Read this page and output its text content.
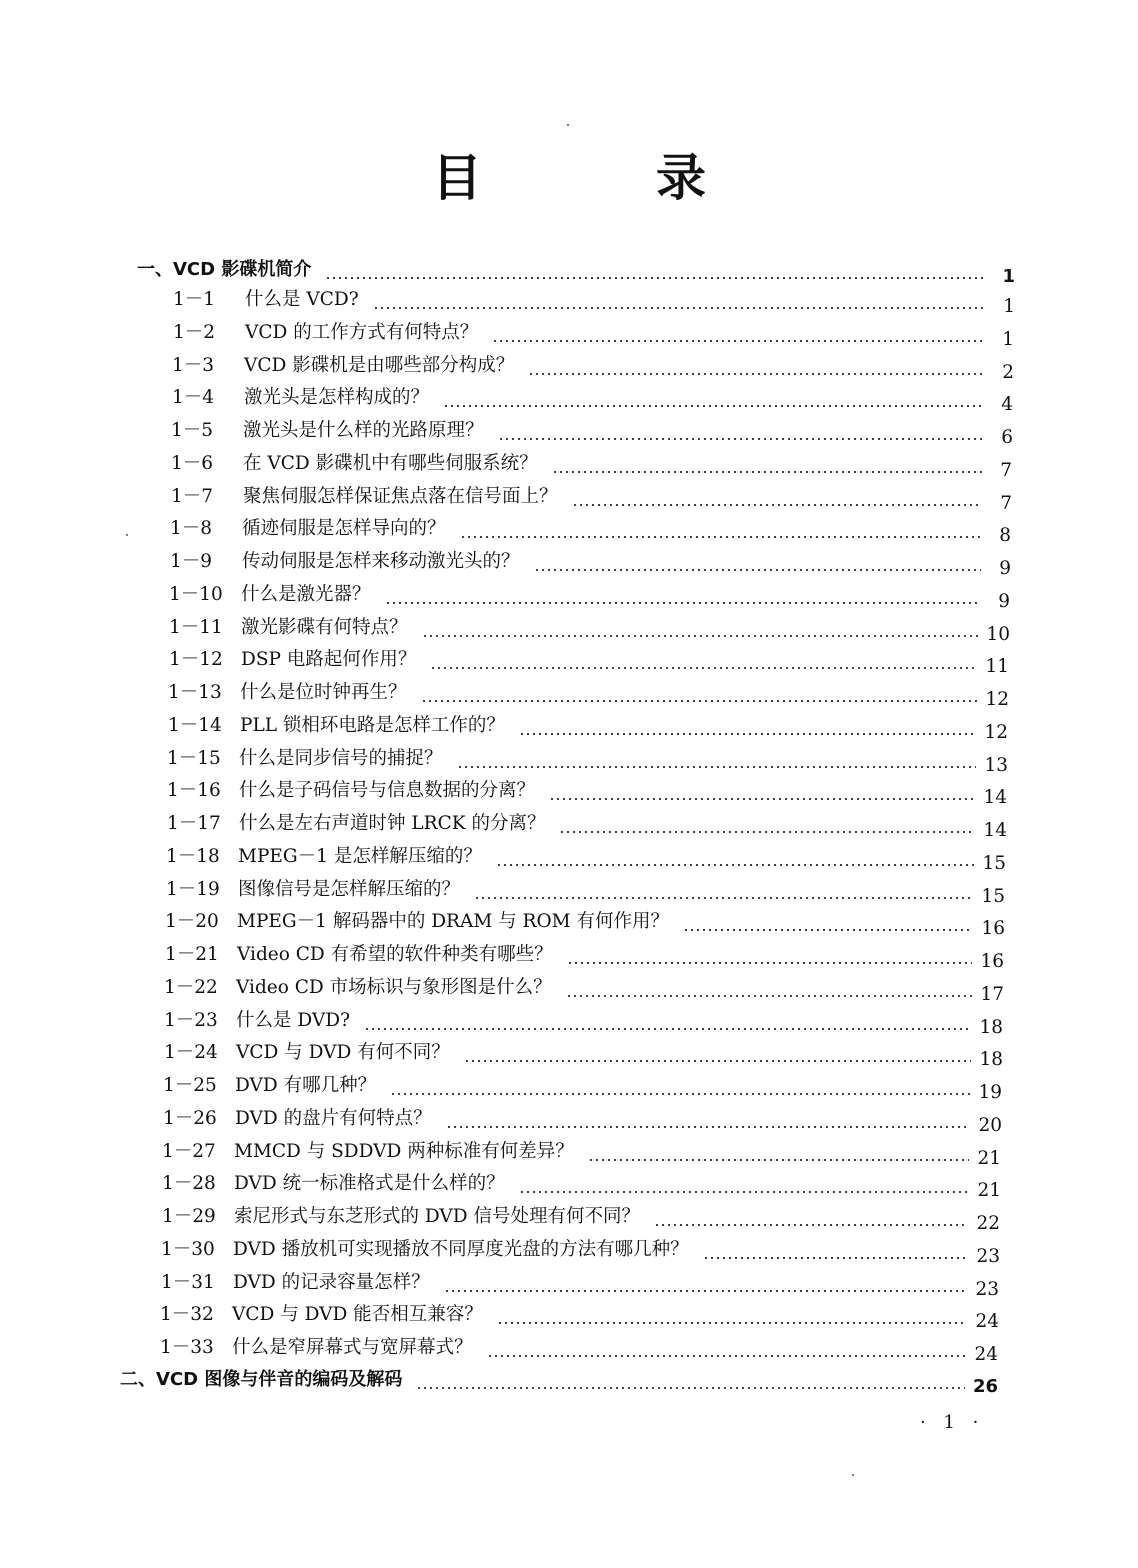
目　录
一、VCD 影碟机简介	1
1－1	什么是 VCD?	1
1－2	VCD 的工作方式有何特点？	1
1－3	VCD 影碟机是由哪些部分构成？	2
1－4	激光头是怎样构成的？	4
1－5	激光头是什么样的光路原理？	6
1－6	在 VCD 影碟机中有哪些伺服系统？	7
1－7	聚焦伺服怎样保证焦点落在信号面上？	7
1－8	循迹伺服是怎样导向的？	8
1－9	传动伺服是怎样来移动激光头的？	9
1－10 什么是激光器？	9
1－11 激光影碟有何特点？	10
1－12 DSP 电路起何作用？	11
1－13 什么是位时钟再生？	12
1－14 PLL 锁相环电路是怎样工作的？	12
1－15 什么是同步信号的捕捉？	13
1－16 什么是子码信号与信息数据的分离？	14
1－17 什么是左右声道时钟 LRCK 的分离？	14
1－18 MPEG－1 是怎样解压缩的？	15
1－19 图像信号是怎样解压缩的？	15
1－20 MPEG－1 解码器中的 DRAM 与 ROM 有何作用？	16
1－21 Video CD 有希望的软件种类有哪些？	16
1－22 Video CD 市场标识与象形图是什么？	17
1－23 什么是 DVD?	18
1－24 VCD 与 DVD 有何不同？	18
1－25 DVD 有哪几种？	19
1－26 DVD 的盘片有何特点？	20
1－27 MMCD 与 SDDVD 两种标准有何差异？	21
1－28 DVD 统一标准格式是什么样的？	21
1－29 索尼形式与东芝形式的 DVD 信号处理有何不同？	22
1－30 DVD 播放机可实现播放不同厚度光盘的方法有哪几种？	23
1－31 DVD 的记录容量怎样？	23
1－32 VCD 与 DVD 能否相互兼容？	24
1－33 什么是窄屏幕式与宽屏幕式？	24
二、VCD 图像与伴音的编码及解码	26
· 1 ·
